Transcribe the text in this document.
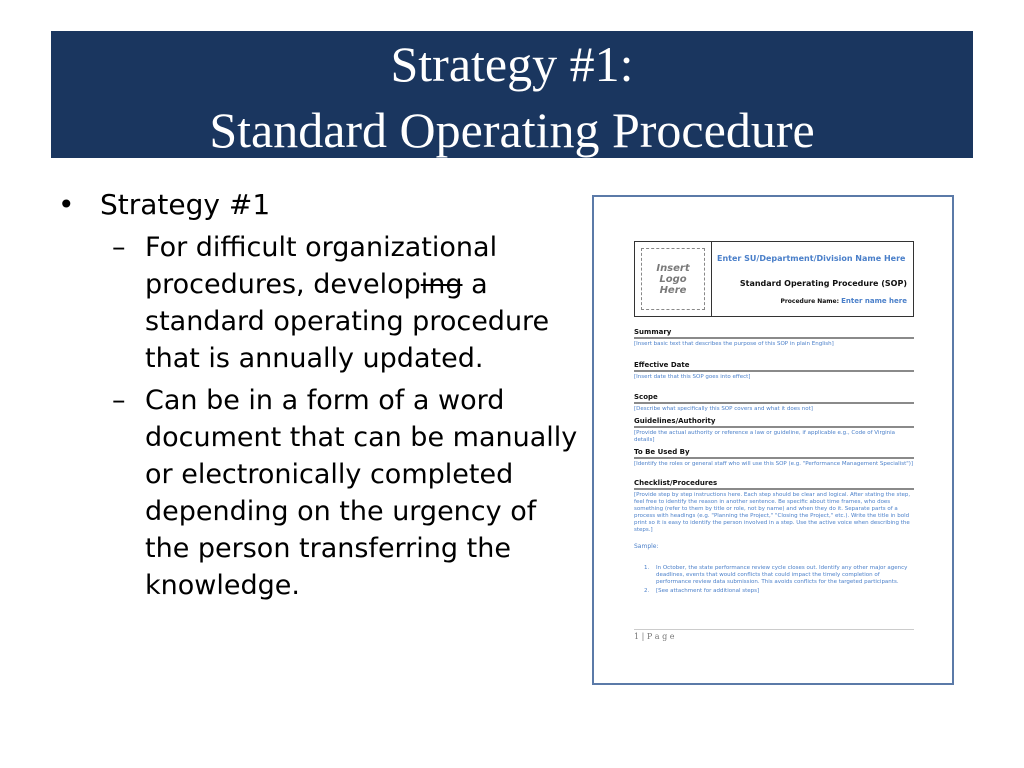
Strategy #1:
Standard Operating Procedure
• Strategy #1
– For difficult organizational procedures, developing a standard operating procedure that is annually updated.
– Can be in a form of a word document that can be manually or electronically completed depending on the urgency of the person transferring the knowledge.
Insert
Logo
Here
Enter SU/Department/Division Name Here
Standard Operating Procedure (SOP)
Procedure Name: Enter name here
Summary
[Insert basic text that describes the purpose of this SOP in plain English]
Effective Date
[Insert date that this SOP goes into effect]
Scope
[Describe what specifically this SOP covers and what it does not]
Guidelines/Authority
[Provide the actual authority or reference a law or guideline, if applicable e.g., Code of Virginia details]
To Be Used By
[Identify the roles or general staff who will use this SOP (e.g. "Performance Management Specialist")]
Checklist/Procedures
[Provide step by step instructions here. Each step should be clear and logical. After stating the step, feel free to identify the reason in another sentence. Be specific about time frames, who does something (refer to them by title or role, not by name) and when they do it. Separate parts of a process with headings (e.g. "Planning the Project," "Closing the Project," etc.). Write the title in bold print so it is easy to identify the person involved in a step. Use the active voice when describing the steps.]
Sample:
1.	In October, the state performance review cycle closes out. Identify any other major agency deadlines, events that would conflicts that could impact the timely completion of performance review data submission. This avoids conflicts for the targeted participants.
2.	[See attachment for additional steps]
1 | P a g e
